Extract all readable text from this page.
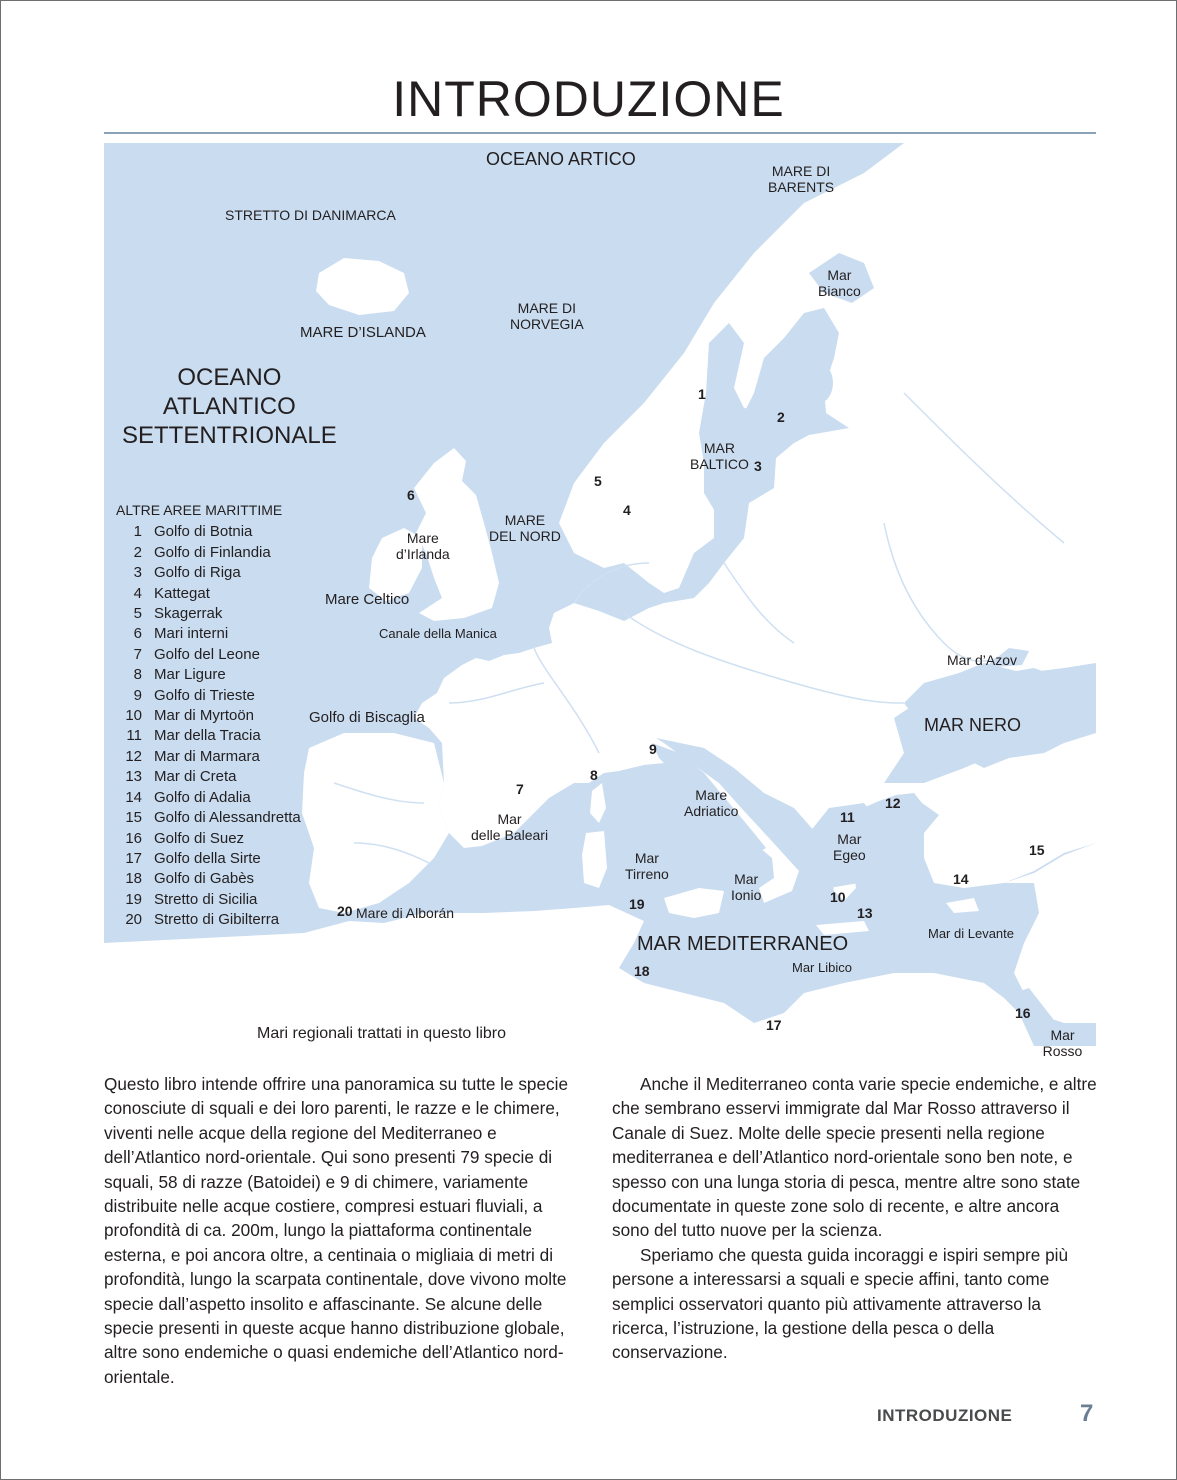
INTRODUZIONE
OCEANO ARTICO
MARE DI
BARENTS
STRETTO DI DANIMARCA
Mar
Bianco
MARE DI
NORVEGIA
MARE D’ISLANDA
OCEANO
ATLANTICO
SETTENTRIONALE	MAR
BALTICO
MARE
DEL NORD
Mare
d’Irlanda
Mare Celtico
Canale della Manica
Mar d’Azov
MAR NERO
Golfo di Biscaglia
Mare
Adriatico
Mar
delle Baleari	Mar
Egeo
Mar
Tirreno	Mar
Ionio
Mare di Alborán
MAR MEDITERRANEO	Mar di Levante
Mar Libico
Mar Rosso
1
2
3
4
5
6
7
8
9
10
11
12
13
14
15
16
17
18
19
20
ALTRE AREE MARITTIME
1 Golfo di Botnia
2 Golfo di Finlandia
3 Golfo di Riga
4 Kattegat
5 Skagerrak
6 Mari interni
7 Golfo del Leone
8 Mar Ligure
9 Golfo di Trieste
10 Mar di Myrtoön
11 Mar della Tracia
12 Mar di Marmara
13 Mar di Creta
14 Golfo di Adalia
15 Golfo di Alessandretta
16 Golfo di Suez
17 Golfo della Sirte
18 Golfo di Gabès
19 Stretto di Sicilia
20 Stretto di Gibilterra
Mari regionali trattati in questo libro

Questo libro intende offrire una panoramica su tutte le specie conosciute di squali e dei loro parenti, le razze e le chimere, viventi nelle acque della regione del Mediterraneo e dell’Atlantico nord-orientale. Qui sono presenti 79 specie di squali, 58 di razze (Batoidei) e 9 di chimere, variamente distribuite nelle acque costiere, compresi estuari fluviali, a profondità di ca. 200m, lungo la piattaforma continentale esterna, e poi ancora oltre, a centinaia o migliaia di metri di profondità, lungo la scarpata continentale, dove vivono molte specie dall’aspetto insolito e affascinante. Se alcune delle specie presenti in queste acque hanno distribuzione globale, altre sono endemiche o quasi endemiche dell’Atlantico nord-orientale.

Anche il Mediterraneo conta varie specie endemiche, e altre che sembrano esservi immigrate dal Mar Rosso attraverso il Canale di Suez. Molte delle specie presenti nella regione mediterranea e dell’Atlantico nord-orientale sono ben note, e spesso con una lunga storia di pesca, mentre altre sono state documentate in queste zone solo di recente, e altre ancora sono del tutto nuove per la scienza.

Speriamo che questa guida incoraggi e ispiri sempre più persone a interessarsi a squali e specie affini, tanto come semplici osservatori quanto più attivamente attraverso la ricerca, l’istruzione, la gestione della pesca o della conservazione.

INTRODUZIONE	7
